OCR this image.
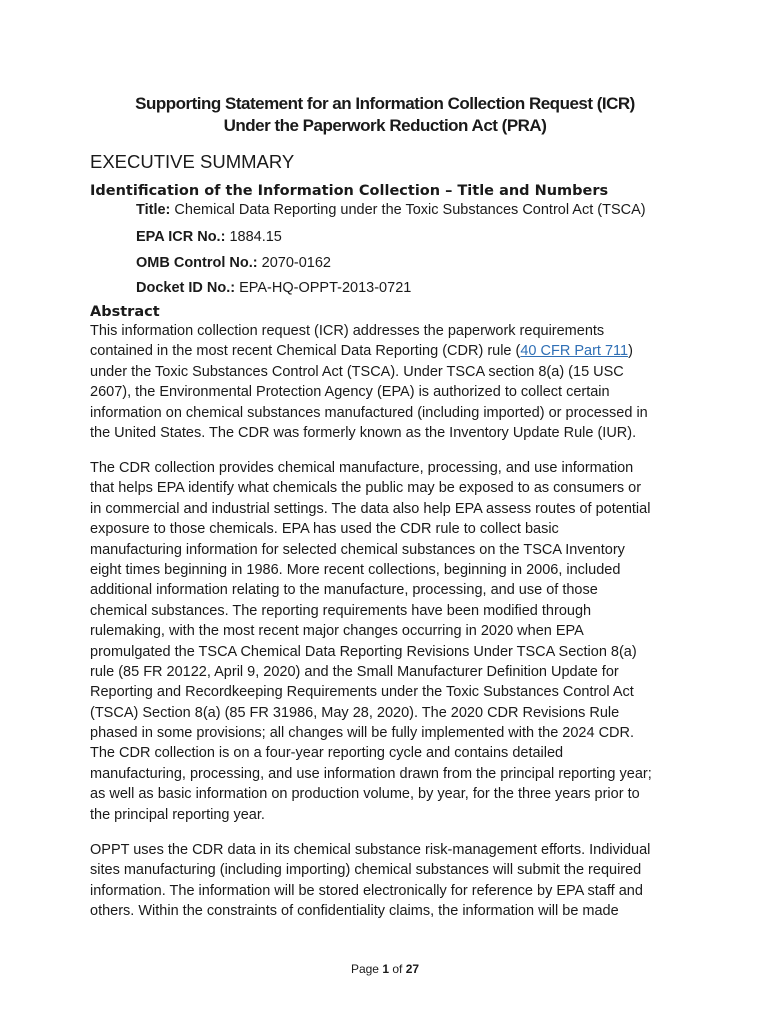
Supporting Statement for an Information Collection Request (ICR)
Under the Paperwork Reduction Act (PRA)
EXECUTIVE SUMMARY
Identification of the Information Collection – Title and Numbers
Title: Chemical Data Reporting under the Toxic Substances Control Act (TSCA)
EPA ICR No.: 1884.15
OMB Control No.: 2070-0162
Docket ID No.: EPA-HQ-OPPT-2013-0721
Abstract
This information collection request (ICR) addresses the paperwork requirements
contained in the most recent Chemical Data Reporting (CDR) rule (40 CFR Part 711)
under the Toxic Substances Control Act (TSCA). Under TSCA section 8(a) (15 USC
2607), the Environmental Protection Agency (EPA) is authorized to collect certain
information on chemical substances manufactured (including imported) or processed in
the United States. The CDR was formerly known as the Inventory Update Rule (IUR).
The CDR collection provides chemical manufacture, processing, and use information
that helps EPA identify what chemicals the public may be exposed to as consumers or
in commercial and industrial settings. The data also help EPA assess routes of potential
exposure to those chemicals. EPA has used the CDR rule to collect basic
manufacturing information for selected chemical substances on the TSCA Inventory
eight times beginning in 1986. More recent collections, beginning in 2006, included
additional information relating to the manufacture, processing, and use of those
chemical substances. The reporting requirements have been modified through
rulemaking, with the most recent major changes occurring in 2020 when EPA
promulgated the TSCA Chemical Data Reporting Revisions Under TSCA Section 8(a)
rule (85 FR 20122, April 9, 2020) and the Small Manufacturer Definition Update for
Reporting and Recordkeeping Requirements under the Toxic Substances Control Act
(TSCA) Section 8(a) (85 FR 31986, May 28, 2020). The 2020 CDR Revisions Rule
phased in some provisions; all changes will be fully implemented with the 2024 CDR.
The CDR collection is on a four-year reporting cycle and contains detailed
manufacturing, processing, and use information drawn from the principal reporting year;
as well as basic information on production volume, by year, for the three years prior to
the principal reporting year.
OPPT uses the CDR data in its chemical substance risk-management efforts. Individual
sites manufacturing (including importing) chemical substances will submit the required
information. The information will be stored electronically for reference by EPA staff and
others. Within the constraints of confidentiality claims, the information will be made
Page 1 of 27
